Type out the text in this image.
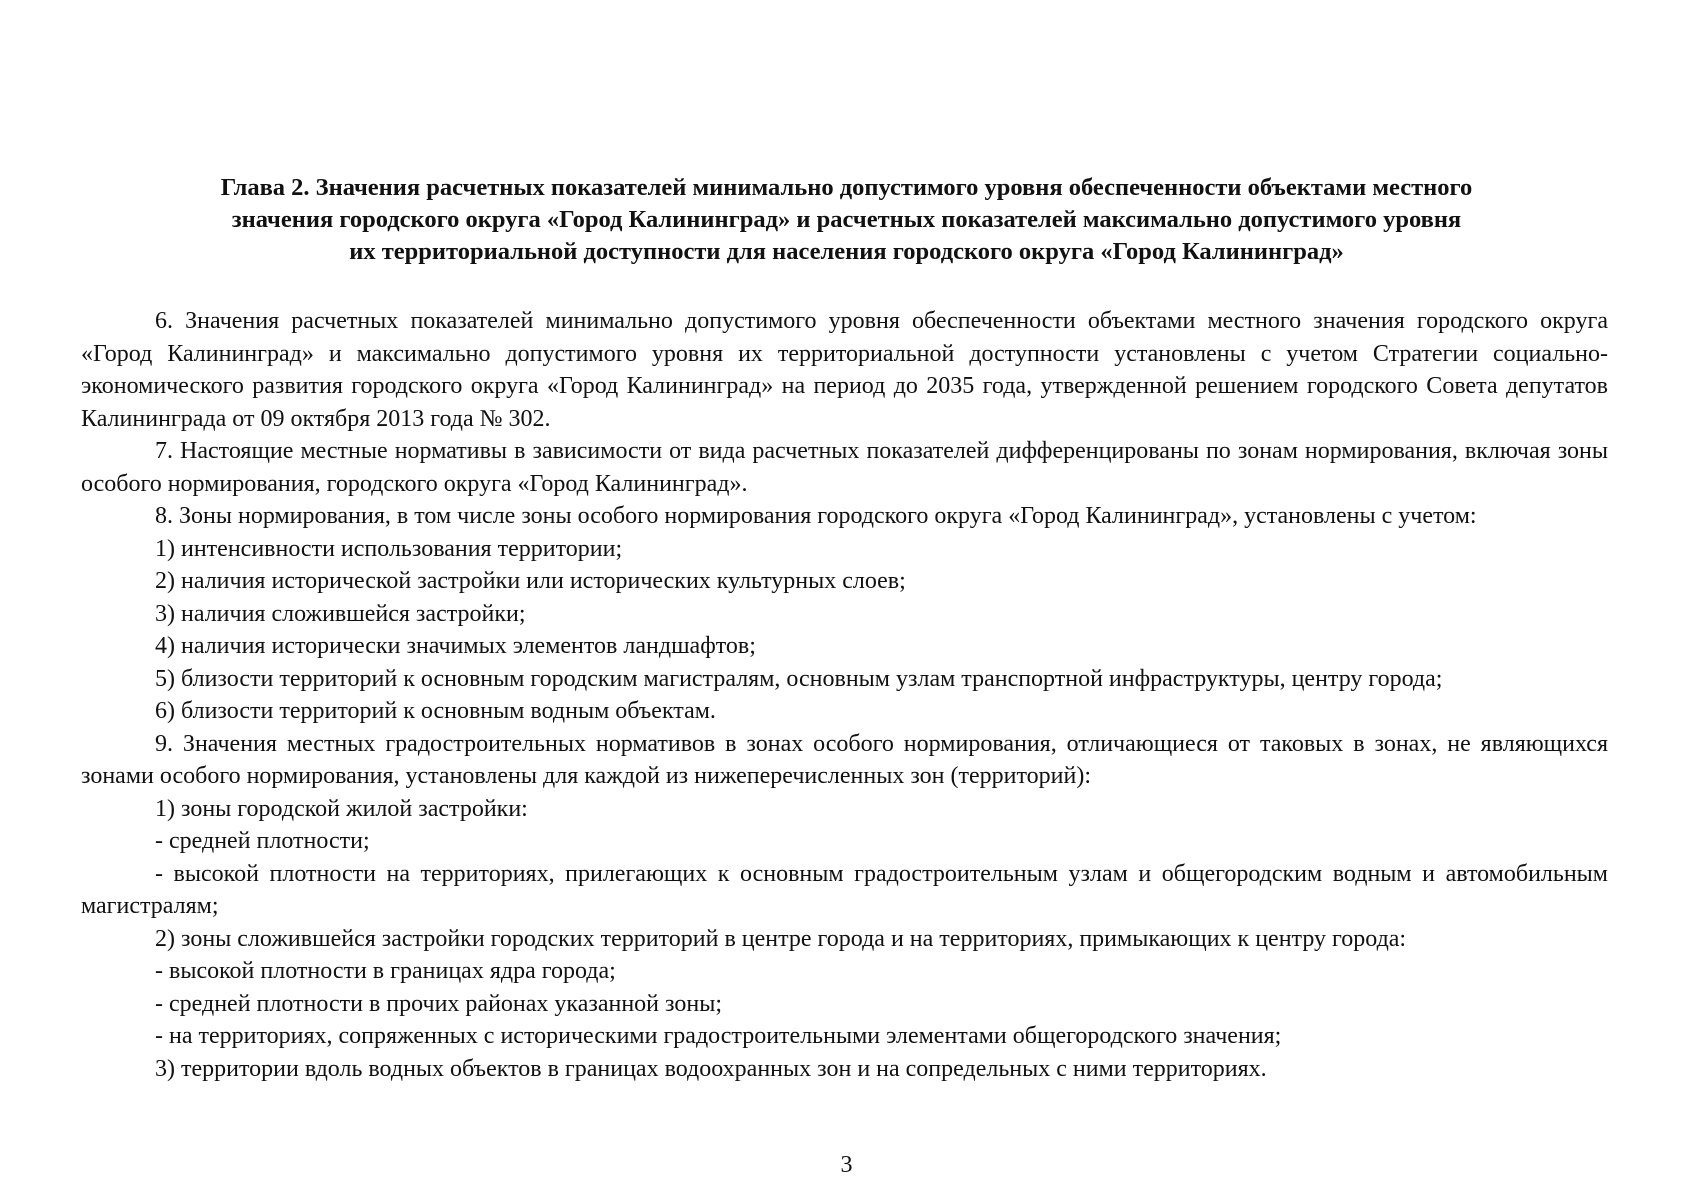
Глава 2. Значения расчетных показателей минимально допустимого уровня обеспеченности объектами местного
значения городского округа «Город Калининград» и расчетных показателей максимально допустимого уровня
их территориальной доступности для населения городского округа «Город Калининград»

6. Значения расчетных показателей минимально допустимого уровня обеспеченности объектами местного значения городского округа «Город Калининград» и максимально допустимого уровня их территориальной доступности установлены с учетом Стратегии социально-экономического развития городского округа «Город Калининград» на период до 2035 года, утвержденной решением городского Совета депутатов Калининграда от 09 октября 2013 года № 302.

7. Настоящие местные нормативы в зависимости от вида расчетных показателей дифференцированы по зонам нормирования, включая зоны особого нормирования, городского округа «Город Калининград».

8. Зоны нормирования, в том числе зоны особого нормирования городского округа «Город Калининград», установлены с учетом:

1) интенсивности использования территории;

2) наличия исторической застройки или исторических культурных слоев;

3) наличия сложившейся застройки;

4) наличия исторически значимых элементов ландшафтов;

5) близости территорий к основным городским магистралям, основным узлам транспортной инфраструктуры, центру города;

6) близости территорий к основным водным объектам.

9. Значения местных градостроительных нормативов в зонах особого нормирования, отличающиеся от таковых в зонах, не являющихся зонами особого нормирования, установлены для каждой из нижеперечисленных зон (территорий):

1) зоны городской жилой застройки:

- средней плотности;

- высокой плотности на территориях, прилегающих к основным градостроительным узлам и общегородским водным и автомобильным магистралям;

2) зоны сложившейся застройки городских территорий в центре города и на территориях, примыкающих к центру города:

- высокой плотности в границах ядра города;

- средней плотности в прочих районах указанной зоны;

- на территориях, сопряженных с историческими градостроительными элементами общегородского значения;

3) территории вдоль водных объектов в границах водоохранных зон и на сопредельных с ними территориях.

3
